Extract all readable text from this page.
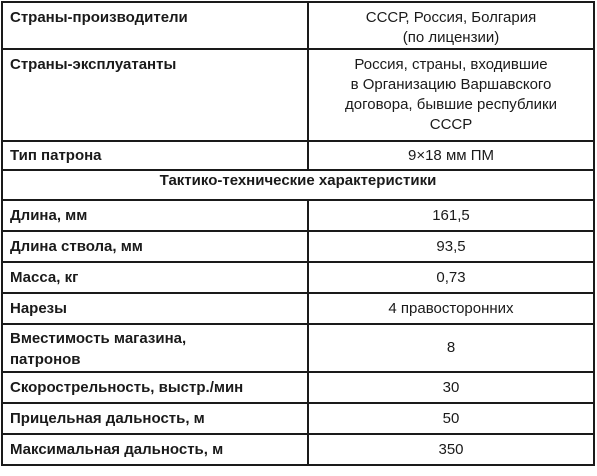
Страны-производители	СССР, Россия, Болгария
(по лицензии)
Страны-эксплуатанты	Россия, страны, входившие
в Организацию Варшавского
договора, бывшие республики
СССР
Тип патрона	9×18 мм ПМ
Тактико-технические характеристики	
Длина, мм	161,5
Длина ствола, мм	93,5
Масса, кг	0,73
Нарезы	4 правосторонних
Вместимость магазина,
патронов	8
Скорострельность, выстр./мин	30
Прицельная дальность, м	50
Максимальная дальность, м	350
